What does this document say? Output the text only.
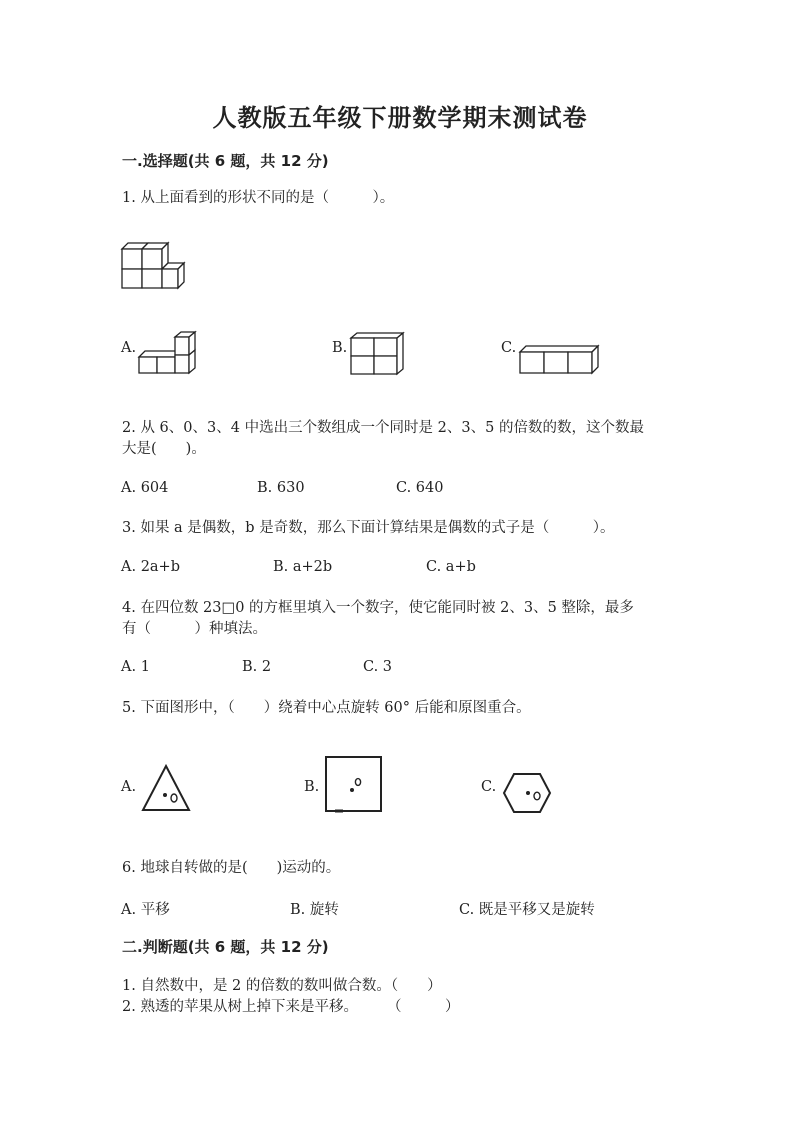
人教版五年级下册数学期末测试卷
一.选择题(共 6 题，共 12 分)
1. 从上面看到的形状不同的是（　　　）。
A.	B.	C.
2. 从 6、0、3、4 中选出三个数组成一个同时是 2、3、5 的倍数的数，这个数最
大是(　　)。
A. 604	B. 630	C. 640
3. 如果 a 是偶数，b 是奇数，那么下面计算结果是偶数的式子是（　　　）。
A. 2a+b	B. a+2b	C. a+b
4. 在四位数 23□0 的方框里填入一个数字，使它能同时被 2、3、5 整除，最多
有（　　　）种填法。
A. 1	B. 2	C. 3
5. 下面图形中，（　　）绕着中心点旋转 60° 后能和原图重合。
A.	B.	C.
6. 地球自转做的是(　　)运动的。
A. 平移	B. 旋转	C. 既是平移又是旋转
二.判断题(共 6 题，共 12 分)
1. 自然数中，是 2 的倍数的数叫做合数。（　　）
2. 熟透的苹果从树上掉下来是平移。　　　（　　　）
